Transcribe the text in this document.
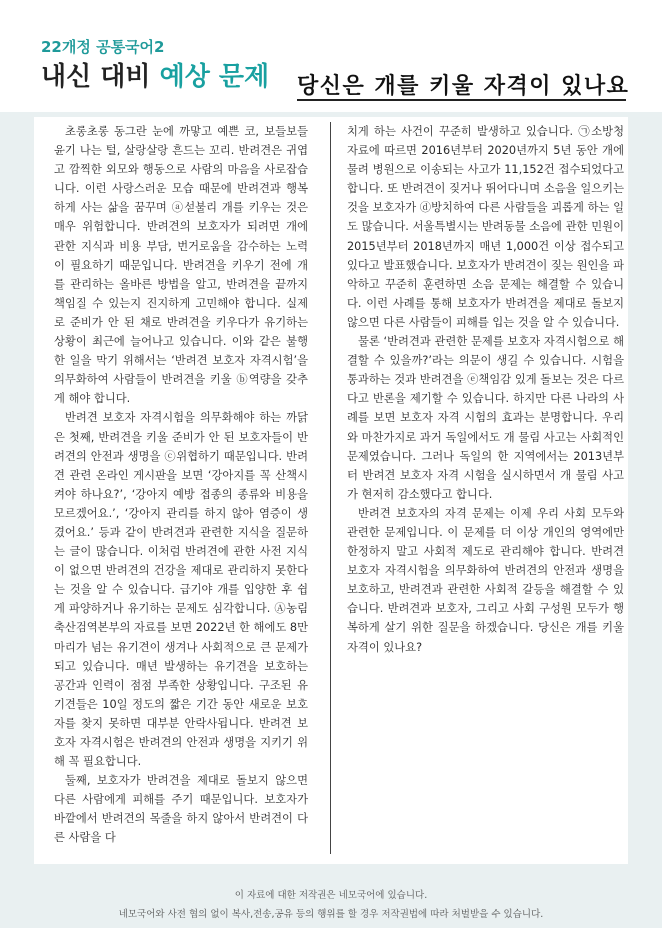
22개정 공통국어2
내신 대비 예상 문제 당신은 개를 키울 자격이 있나요

초롱초롱 동그란 눈에 까맣고 예쁜 코, 보들보들 윤기 나는 털, 살랑살랑 흔드는 꼬리. 반려견은 귀엽고 깜찍한 외모와 행동으로 사람의 마음을 사로잡습니다. 이런 사랑스러운 모습 때문에 반려견과 행복하게 사는 삶을 꿈꾸며 ⓐ섣불리 개를 키우는 것은 매우 위험합니다. 반려견의 보호자가 되려면 개에 관한 지식과 비용 부담, 번거로움을 감수하는 노력이 필요하기 때문입니다. 반려견을 키우기 전에 개를 관리하는 올바른 방법을 알고, 반려견을 끝까지 책임질 수 있는지 진지하게 고민해야 합니다. 실제로 준비가 안 된 채로 반려견을 키우다가 유기하는 상황이 최근에 늘어나고 있습니다. 이와 같은 불행한 일을 막기 위해서는 ‘반려견 보호자 자격시험’을 의무화하여 사람들이 반려견을 키울 ⓑ역량을 갖추게 해야 합니다.

반려견 보호자 자격시험을 의무화해야 하는 까닭은 첫째, 반려견을 키울 준비가 안 된 보호자들이 반려견의 안전과 생명을 ⓒ위협하기 때문입니다. 반려견 관련 온라인 게시판을 보면 ‘강아지를 꼭 산책시켜야 하나요?’, ‘강아지 예방 접종의 종류와 비용을 모르겠어요.’, ‘강아지 관리를 하지 않아 염증이 생겼어요.’ 등과 같이 반려견과 관련한 지식을 질문하는 글이 많습니다. 이처럼 반려견에 관한 사전 지식이 없으면 반려견의 건강을 제대로 관리하지 못한다는 것을 알 수 있습니다. 급기야 개를 입양한 후 쉽게 파양하거나 유기하는 문제도 심각합니다. Ⓐ농림축산검역본부의 자료를 보면 2022년 한 해에도 8만 마리가 넘는 유기견이 생겨나 사회적으로 큰 문제가 되고 있습니다. 매년 발생하는 유기견을 보호하는 공간과 인력이 점점 부족한 상황입니다. 구조된 유기견들은 10일 정도의 짧은 기간 동안 새로운 보호자를 찾지 못하면 대부분 안락사됩니다. 반려견 보호자 자격시험은 반려견의 안전과 생명을 지키기 위해 꼭 필요합니다.

둘째, 보호자가 반려견을 제대로 돌보지 않으면 다른 사람에게 피해를 주기 때문입니다. 보호자가 바깥에서 반려견의 목줄을 하지 않아서 반려견이 다른 사람을 다

치게 하는 사건이 꾸준히 발생하고 있습니다. ㉠소방청 자료에 따르면 2016년부터 2020년까지 5년 동안 개에 물려 병원으로 이송되는 사고가 11,152건 접수되었다고 합니다. 또 반려견이 짖거나 뛰어다니며 소음을 일으키는 것을 보호자가 ⓓ방치하여 다른 사람들을 괴롭게 하는 일도 많습니다. 서울특별시는 반려동물 소음에 관한 민원이 2015년부터 2018년까지 매년 1,000건 이상 접수되고 있다고 발표했습니다. 보호자가 반려견이 짖는 원인을 파악하고 꾸준히 훈련하면 소음 문제는 해결할 수 있습니다. 이런 사례를 통해 보호자가 반려견을 제대로 돌보지 않으면 다른 사람들이 피해를 입는 것을 알 수 있습니다.

물론 ‘반려견과 관련한 문제를 보호자 자격시험으로 해결할 수 있을까?’라는 의문이 생길 수 있습니다. 시험을 통과하는 것과 반려견을 ⓔ책임감 있게 돌보는 것은 다르다고 반론을 제기할 수 있습니다. 하지만 다른 나라의 사례를 보면 보호자 자격 시험의 효과는 분명합니다. 우리와 마찬가지로 과거 독일에서도 개 물림 사고는 사회적인 문제였습니다. 그러나 독일의 한 지역에서는 2013년부터 반려견 보호자 자격 시험을 실시하면서 개 물림 사고가 현저히 감소했다고 합니다.

반려견 보호자의 자격 문제는 이제 우리 사회 모두와 관련한 문제입니다. 이 문제를 더 이상 개인의 영역에만 한정하지 말고 사회적 제도로 관리해야 합니다. 반려견 보호자 자격시험을 의무화하여 반려견의 안전과 생명을 보호하고, 반려견과 관련한 사회적 갈등을 해결할 수 있습니다. 반려견과 보호자, 그리고 사회 구성원 모두가 행복하게 살기 위한 질문을 하겠습니다. 당신은 개를 키울 자격이 있나요?

이 자료에 대한 저작권은 네모국어에 있습니다.
네모국어와 사전 협의 없이 복사,전송,공유 등의 행위를 할 경우 저작권법에 따라 처벌받을 수 있습니다.
